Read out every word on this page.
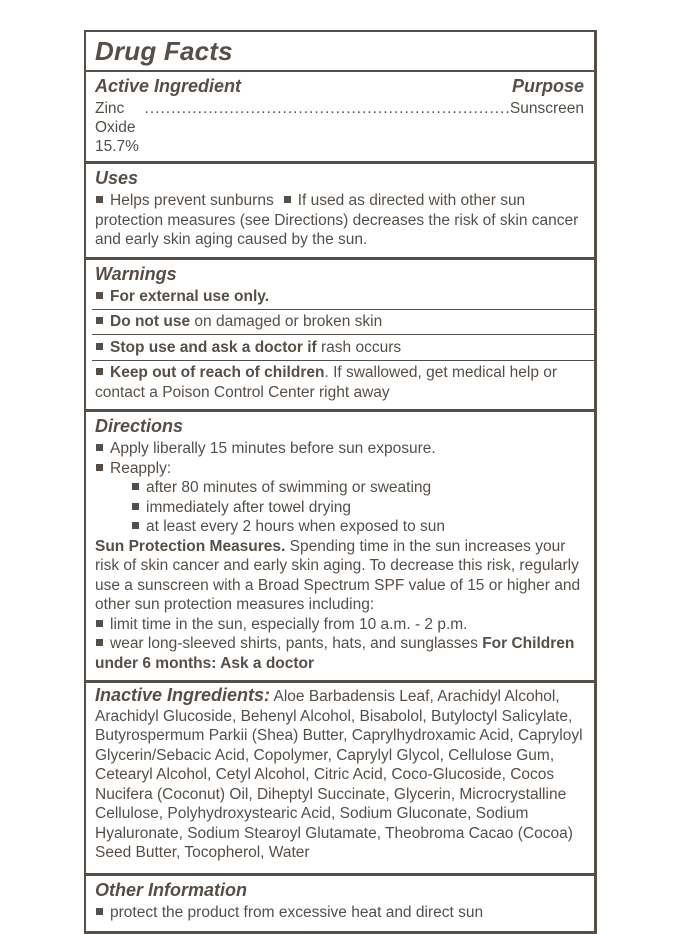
Drug Facts
Active Ingredient	Purpose
Zinc Oxide 15.7%
.....
Sunscreen
Uses

Helps prevent sunburns If used as directed with other sun protection measures (see Directions) decreases the risk of skin cancer and early skin aging caused by the sun.

Warnings

For external use only.

Do not use on damaged or broken skin

Stop use and ask a doctor if rash occurs

Keep out of reach of children. If swallowed, get medical help or contact a Poison Control Center right away

Directions

Apply liberally 15 minutes before sun exposure.

Reapply:

after 80 minutes of swimming or sweating

immediately after towel drying

at least every 2 hours when exposed to sun

Sun Protection Measures. Spending time in the sun increases your risk of skin cancer and early skin aging. To decrease this risk, regularly use a sunscreen with a Broad Spectrum SPF value of 15 or higher and other sun protection measures including:

limit time in the sun, especially from 10 a.m. - 2 p.m.

wear long-sleeved shirts, pants, hats, and sunglasses For Children under 6 months: Ask a doctor

Inactive Ingredients: Aloe Barbadensis Leaf, Arachidyl Alcohol, Arachidyl Glucoside, Behenyl Alcohol, Bisabolol, Butyloctyl Salicylate, Butyrospermum Parkii (Shea) Butter, Caprylhydroxamic Acid, Capryloyl Glycerin/Sebacic Acid, Copolymer, Caprylyl Glycol, Cellulose Gum, Cetearyl Alcohol, Cetyl Alcohol, Citric Acid, Coco-Glucoside, Cocos Nucifera (Coconut) Oil, Diheptyl Succinate, Glycerin, Microcrystalline Cellulose, Polyhydroxystearic Acid, Sodium Gluconate, Sodium Hyaluronate, Sodium Stearoyl Glutamate, Theobroma Cacao (Cocoa) Seed Butter, Tocopherol, Water

Other Information

protect the product from excessive heat and direct sun
